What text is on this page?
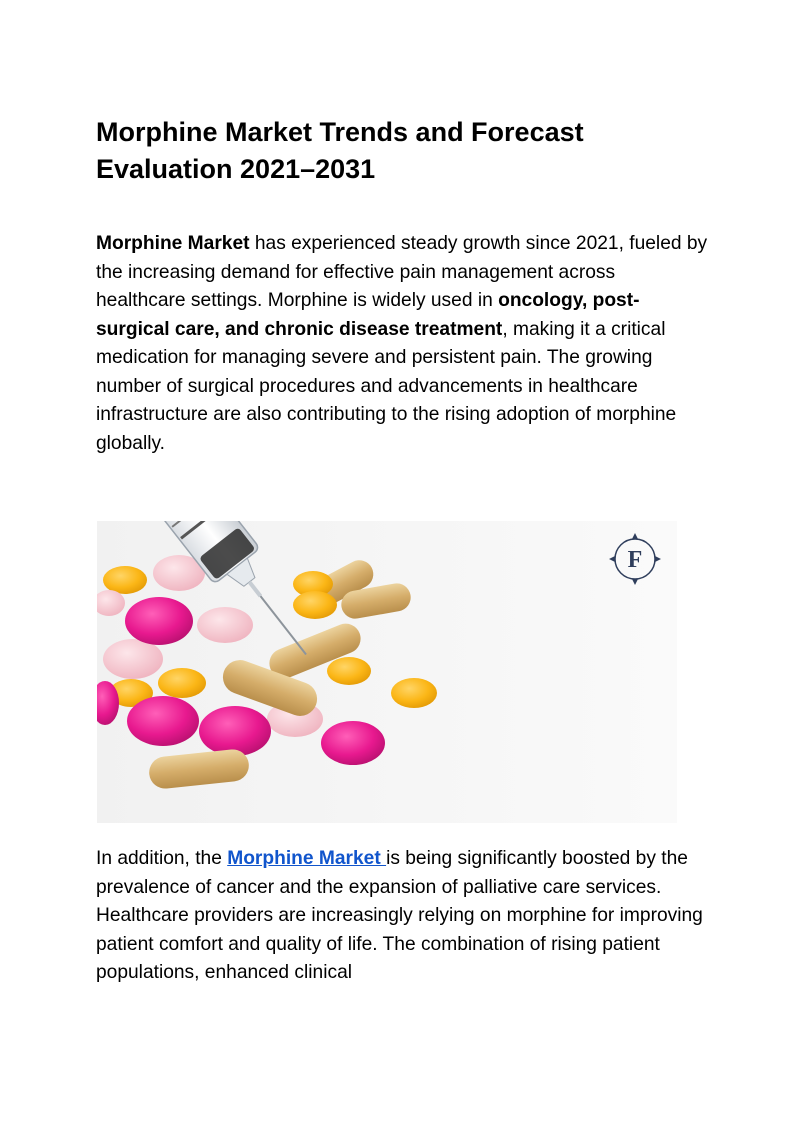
Morphine Market Trends and Forecast Evaluation 2021–2031

Morphine Market has experienced steady growth since 2021, fueled by the increasing demand for effective pain management across healthcare settings. Morphine is widely used in oncology, post-surgical care, and chronic disease treatment, making it a critical medication for managing severe and persistent pain. The growing number of surgical procedures and advancements in healthcare infrastructure are also contributing to the rising adoption of morphine globally.

F

In addition, the Morphine Market is being significantly boosted by the prevalence of cancer and the expansion of palliative care services. Healthcare providers are increasingly relying on morphine for improving patient comfort and quality of life. The combination of rising patient populations, enhanced clinical
